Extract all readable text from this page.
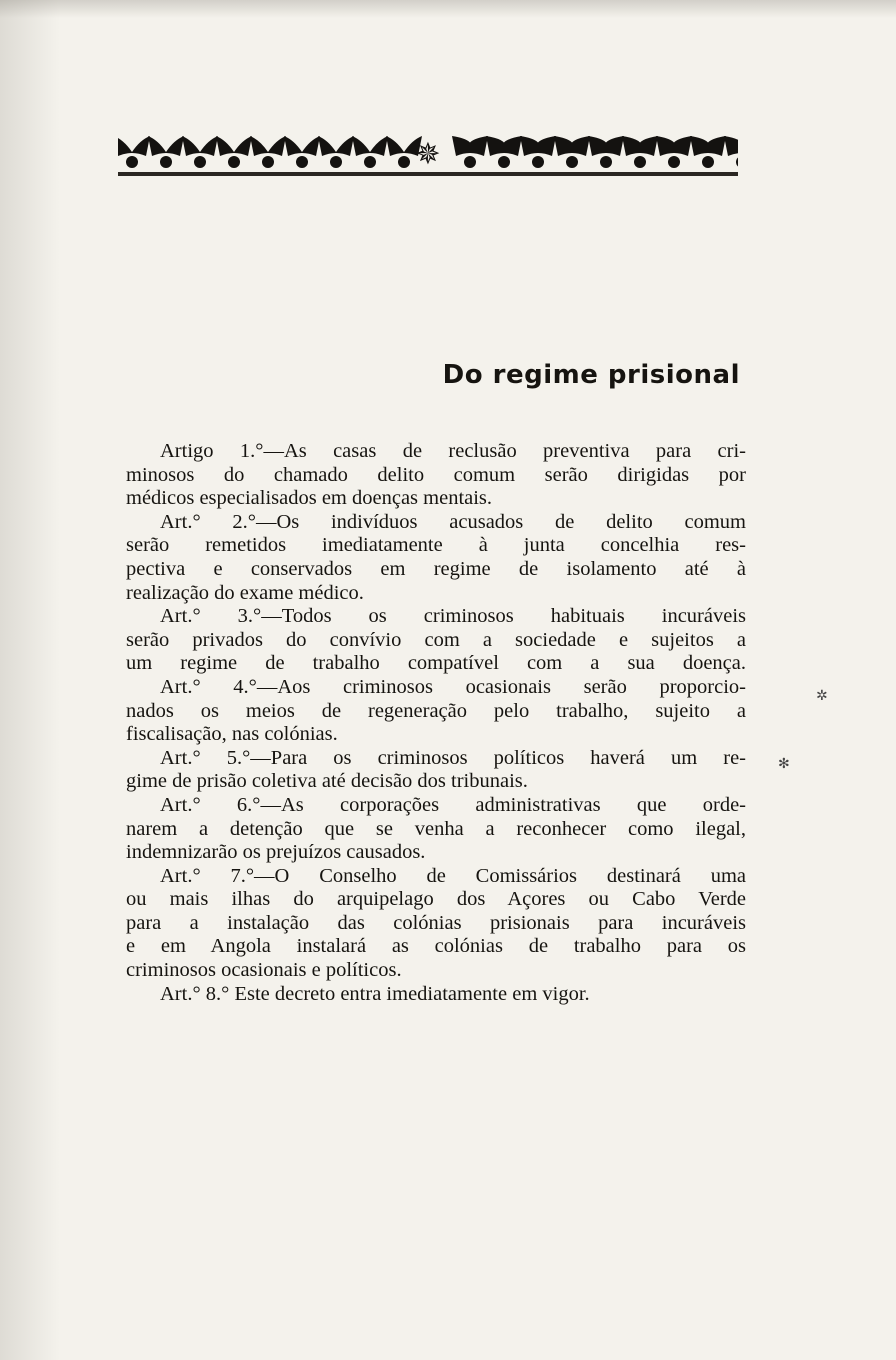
✵
Do regime prisional
Artigo 1.°—As casas de reclusão preventiva para cri-
minosos do chamado delito comum serão dirigidas por
médicos especialisados em doenças mentais.
Art.° 2.°—Os indivíduos acusados de delito comum
serão remetidos imediatamente à junta concelhia res-
pectiva e conservados em regime de isolamento até à
realização do exame médico.
Art.° 3.°—Todos os criminosos habituais incuráveis
serão privados do convívio com a sociedade e sujeitos a
um regime de trabalho compatível com a sua doença.
Art.° 4.°—Aos criminosos ocasionais serão proporcio-
nados os meios de regeneração pelo trabalho, sujeito a
fiscalisação, nas colónias.
Art.° 5.°—Para os criminosos políticos haverá um re-
gime de prisão coletiva até decisão dos tribunais.
Art.° 6.°—As corporações administrativas que orde-
narem a detenção que se venha a reconhecer como ilegal,
indemnizarão os prejuízos causados.
Art.° 7.°—O Conselho de Comissários destinará uma
ou mais ilhas do arquipelago dos Açores ou Cabo Verde
para a instalação das colónias prisionais para incuráveis
e em Angola instalará as colónias de trabalho para os
criminosos ocasionais e políticos.
Art.° 8.° Este decreto entra imediatamente em vigor.
✲
✻
